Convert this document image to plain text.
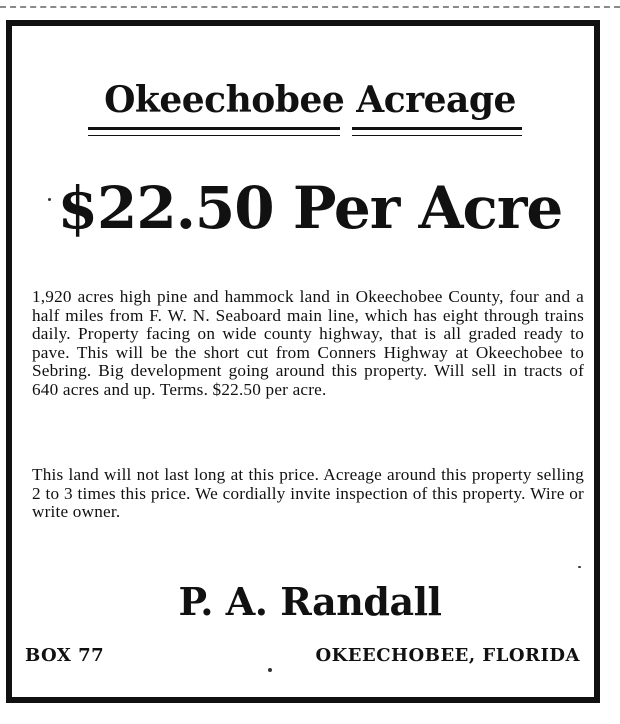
Okeechobee Acreage
$22.50 Per Acre
1,920 acres high pine and hammock land in Okeechobee County, four and a half miles from F. W. N. Seaboard main line, which has eight through trains daily. Property facing on wide county highway, that is all graded ready to pave. This will be the short cut from Conners Highway at Okeechobee to Sebring. Big development going around this property. Will sell in tracts of 640 acres and up. Terms. $22.50 per acre.
This land will not last long at this price. Acreage around this property selling 2 to 3 times this price. We cordially invite inspection of this property. Wire or write owner.
P. A. Randall
BOX 77	OKEECHOBEE, FLORIDA
